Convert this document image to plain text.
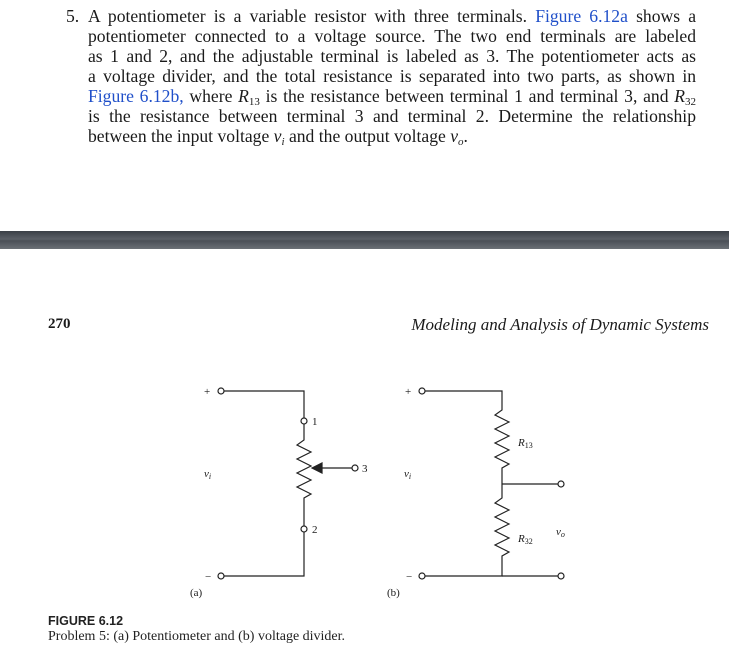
5. A potentiometer is a variable resistor with three terminals. Figure 6.12a shows a
potentiometer connected to a voltage source. The two end terminals are labeled
as 1 and 2, and the adjustable terminal is labeled as 3. The potentiometer acts as
a voltage divider, and the total resistance is separated into two parts, as shown in
Figure 6.12b, where $R_{13}$ is the resistance between terminal 1 and terminal 3, and $R_{32}$
is the resistance between terminal 3 and terminal 2. Determine the relationship
between the input voltage $v_i$ and the output voltage $v_o$.
270	Modeling and Analysis of Dynamic Systems
+
−
vi
1
2
3
(a)
+
−
vi
R13
R32
vo
(b)
FIGURE 6.12
Problem 5: (a) Potentiometer and (b) voltage divider.
